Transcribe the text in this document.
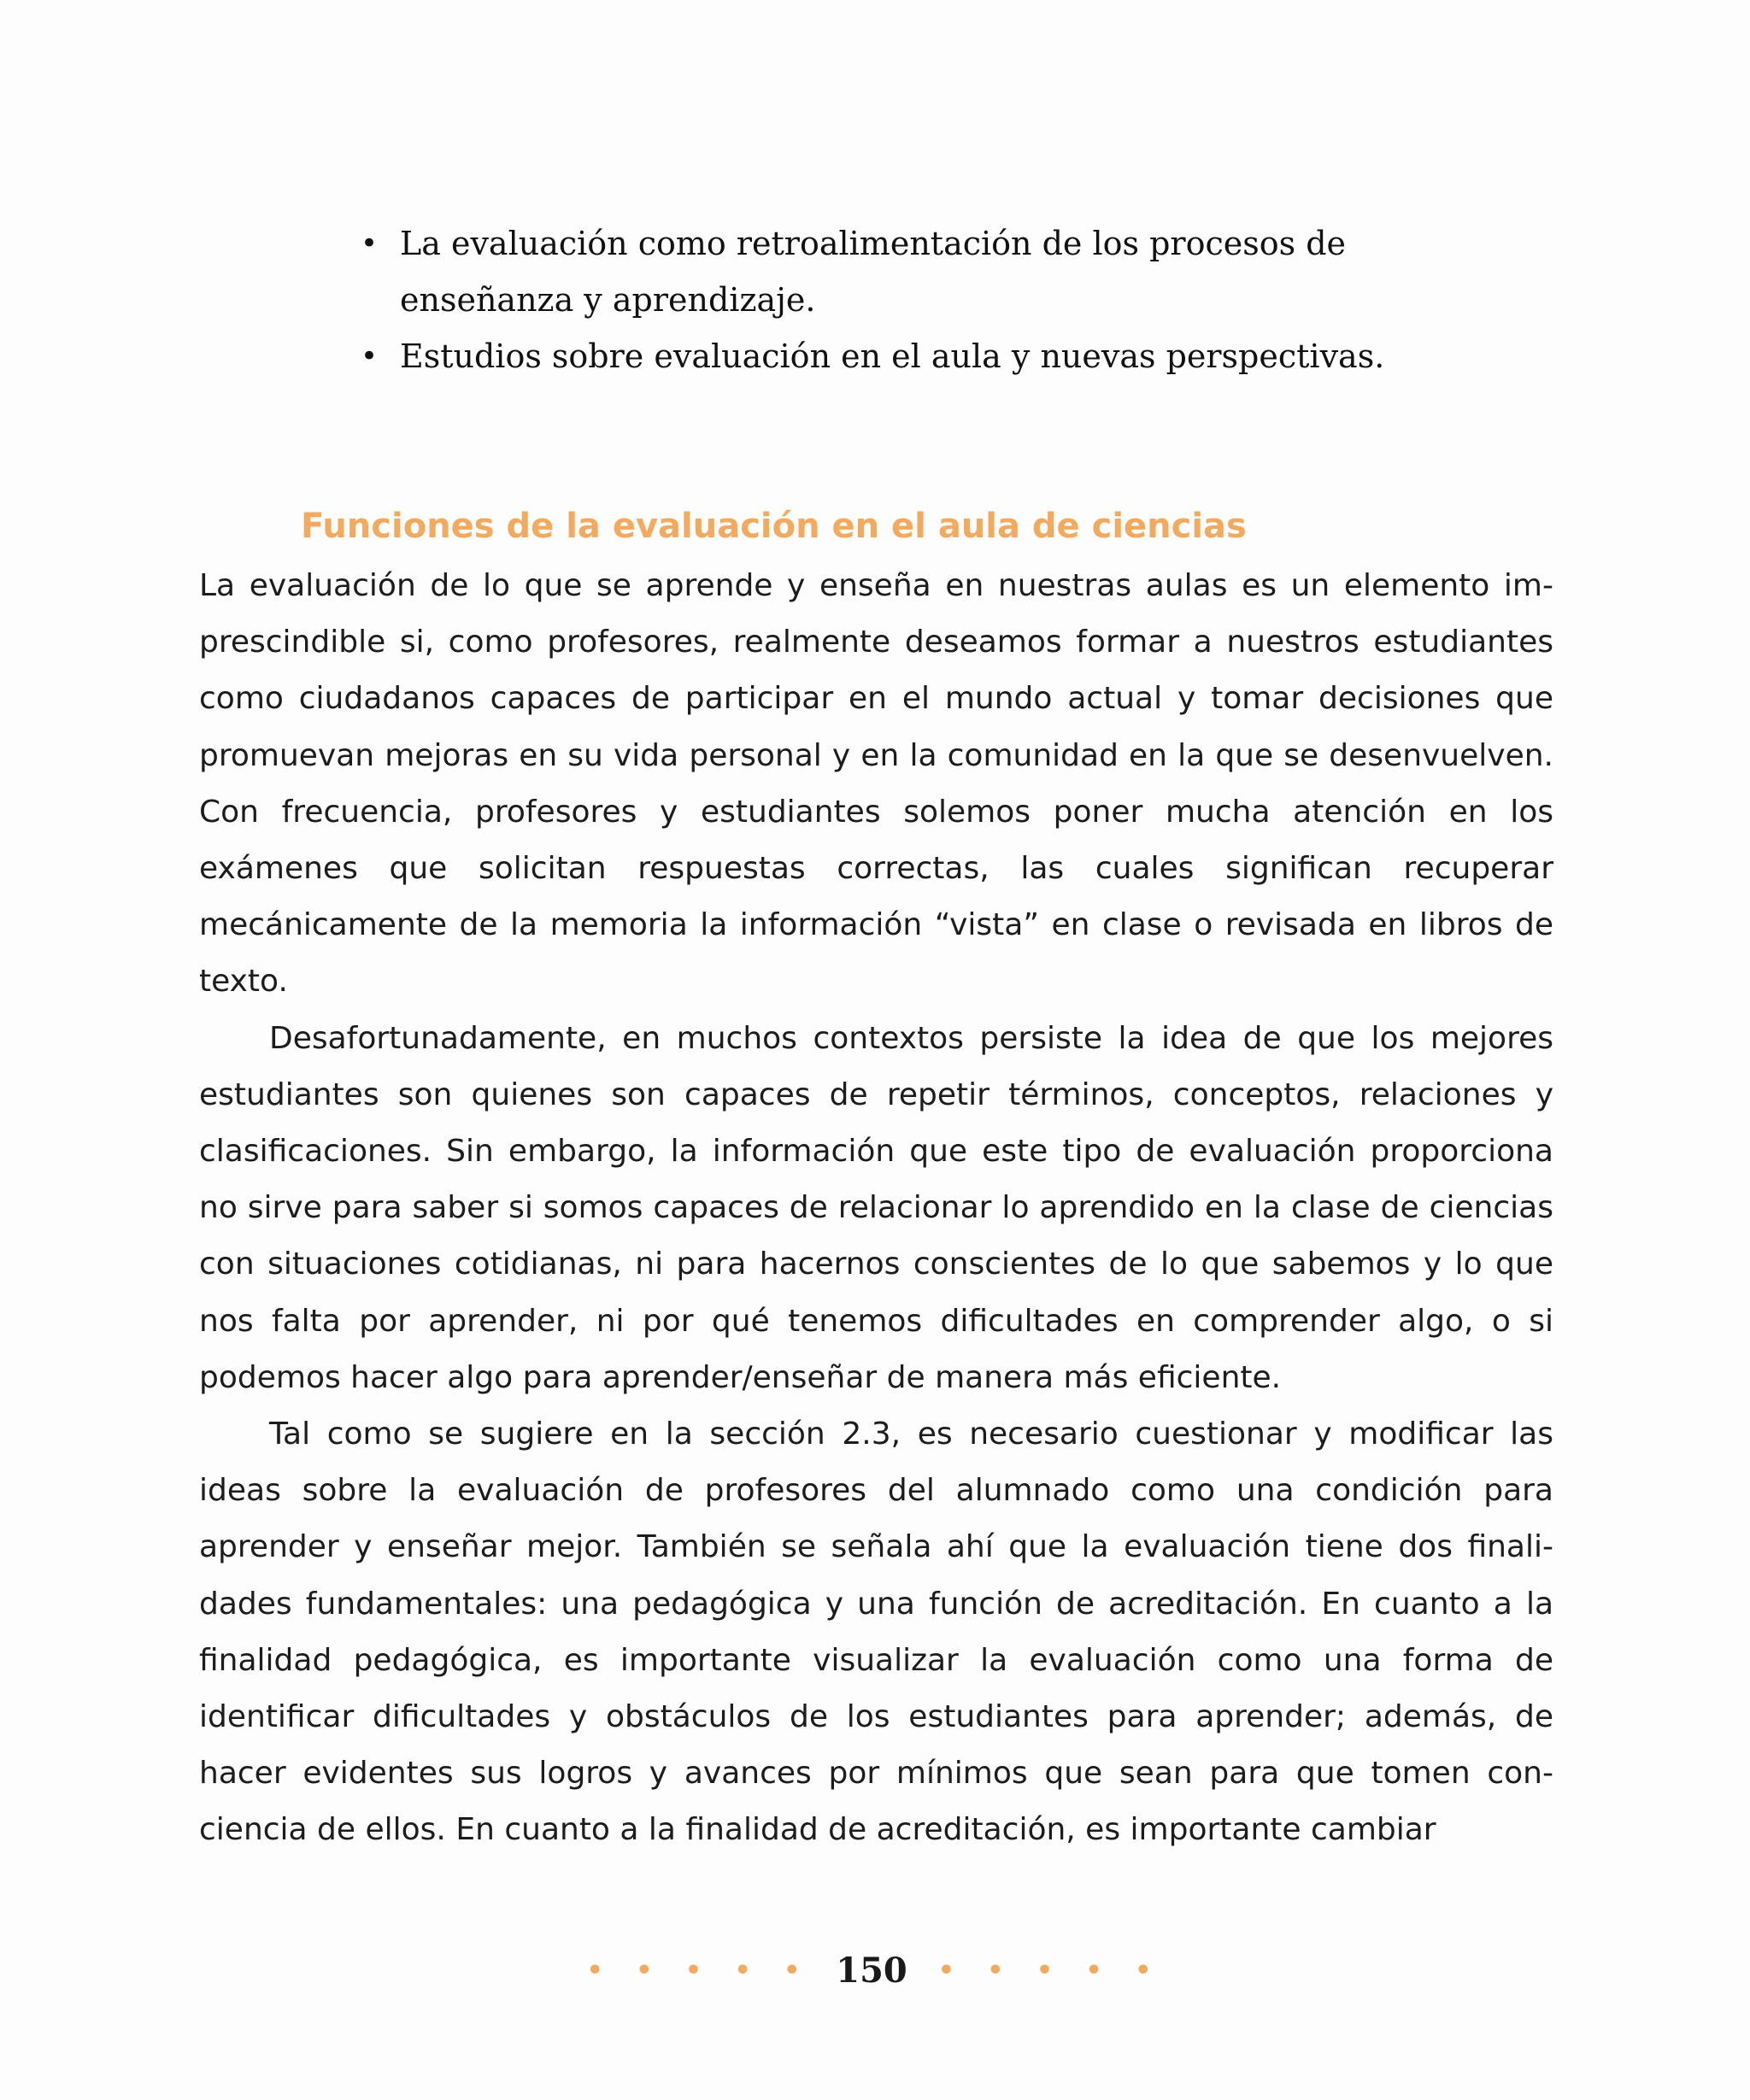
• La evaluación como retroalimentación de los procesos de enseñanza y aprendizaje.
• Estudios sobre evaluación en el aula y nuevas perspectivas.
Funciones de la evaluación en el aula de ciencias

La evaluación de lo que se aprende y enseña en nuestras aulas es un elemento imprescindible si, como profesores, realmente deseamos formar a nuestros estudiantes como ciudadanos capaces de participar en el mundo actual y tomar decisiones que promuevan mejoras en su vida personal y en la comunidad en la que se desenvuelven. Con frecuencia, profesores y estudiantes solemos poner mucha atención en los exámenes que solicitan respuestas correctas, las cuales significan recuperar mecánicamente de la memoria la información “vista” en clase o revisada en libros de texto.

Desafortunadamente, en muchos contextos persiste la idea de que los mejores estudiantes son quienes son capaces de repetir términos, conceptos, relaciones y clasificaciones. Sin embargo, la información que este tipo de evaluación proporciona no sirve para saber si somos capaces de relacionar lo aprendido en la clase de ciencias con situaciones cotidianas, ni para hacernos conscientes de lo que sabemos y lo que nos falta por aprender, ni por qué tenemos dificultades en comprender algo, o si podemos hacer algo para aprender/enseñar de manera más eficiente.

Tal como se sugiere en la sección 2.3, es necesario cuestionar y modificar las ideas sobre la evaluación de profesores del alumnado como una condición para aprender y enseñar mejor. También se señala ahí que la evaluación tiene dos finalidades fundamentales: una pedagógica y una función de acreditación. En cuanto a la finalidad pedagógica, es importante visualizar la evaluación como una forma de identificar dificultades y obstáculos de los estudiantes para aprender; además, de hacer evidentes sus logros y avances por mínimos que sean para que tomen conciencia de ellos. En cuanto a la finalidad de acreditación, es importante cambiar

• • • • • 150 • • • • •
